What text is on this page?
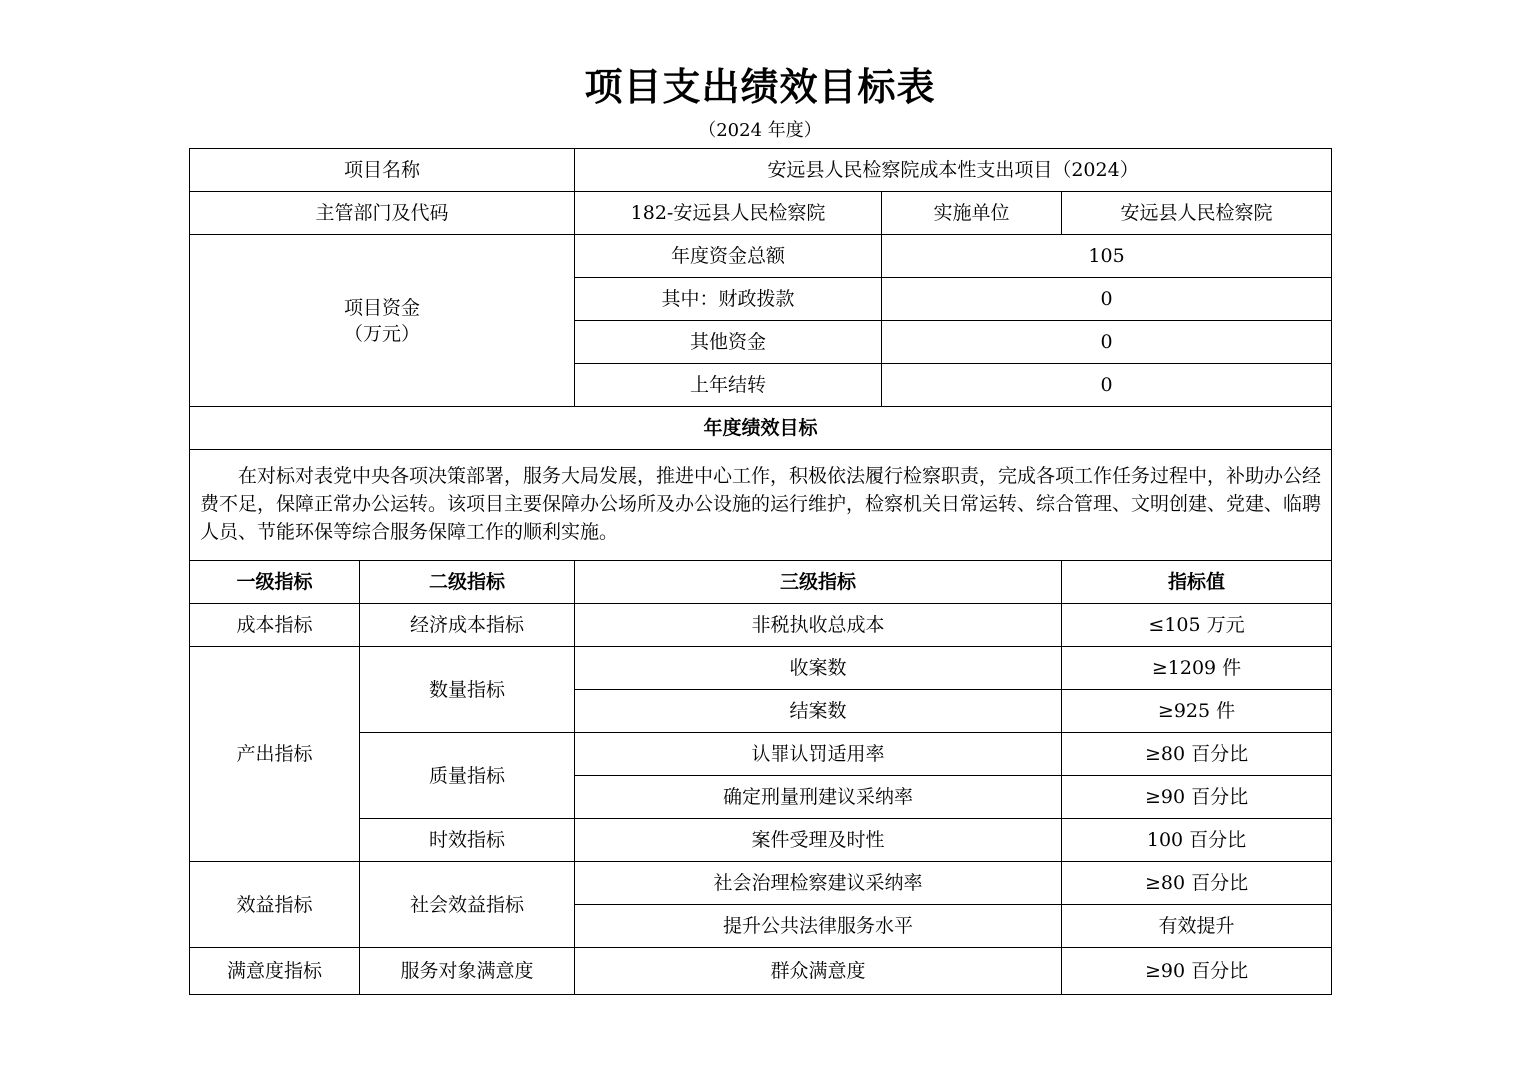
项目支出绩效目标表
（2024 年度）
项目名称		安远县人民检察院成本性支出项目（2024）		
主管部门及代码		182-安远县人民检察院	实施单位	安远县人民检察院

项目资金
（万元）		年度资金总额	105	
		其中：财政拨款	0	
		其他资金	0	
		上年结转	0	
年度绩效目标				
在对标对表党中央各项决策部署，服务大局发展，推进中心工作，积极依法履行检察职责，完成各项工作任务过程中，补助办公经费不足，保障正常办公运转。该项目主要保障办公场所及办公设施的运行维护，检察机关日常运转、综合管理、文明创建、党建、临聘人员、节能环保等综合服务保障工作的顺利实施。				
一级指标	二级指标	三级指标		指标值
成本指标	经济成本指标	非税执收总成本		≤105 万元
产出指标	数量指标	收案数		≥1209 件
		结案数		≥925 件
	质量指标	认罪认罚适用率		≥80 百分比
		确定刑量刑建议采纳率		≥90 百分比
	时效指标	案件受理及时性		100 百分比
效益指标	社会效益指标	社会治理检察建议采纳率		≥80 百分比
		提升公共法律服务水平		有效提升
满意度指标	服务对象满意度	群众满意度		≥90 百分比
